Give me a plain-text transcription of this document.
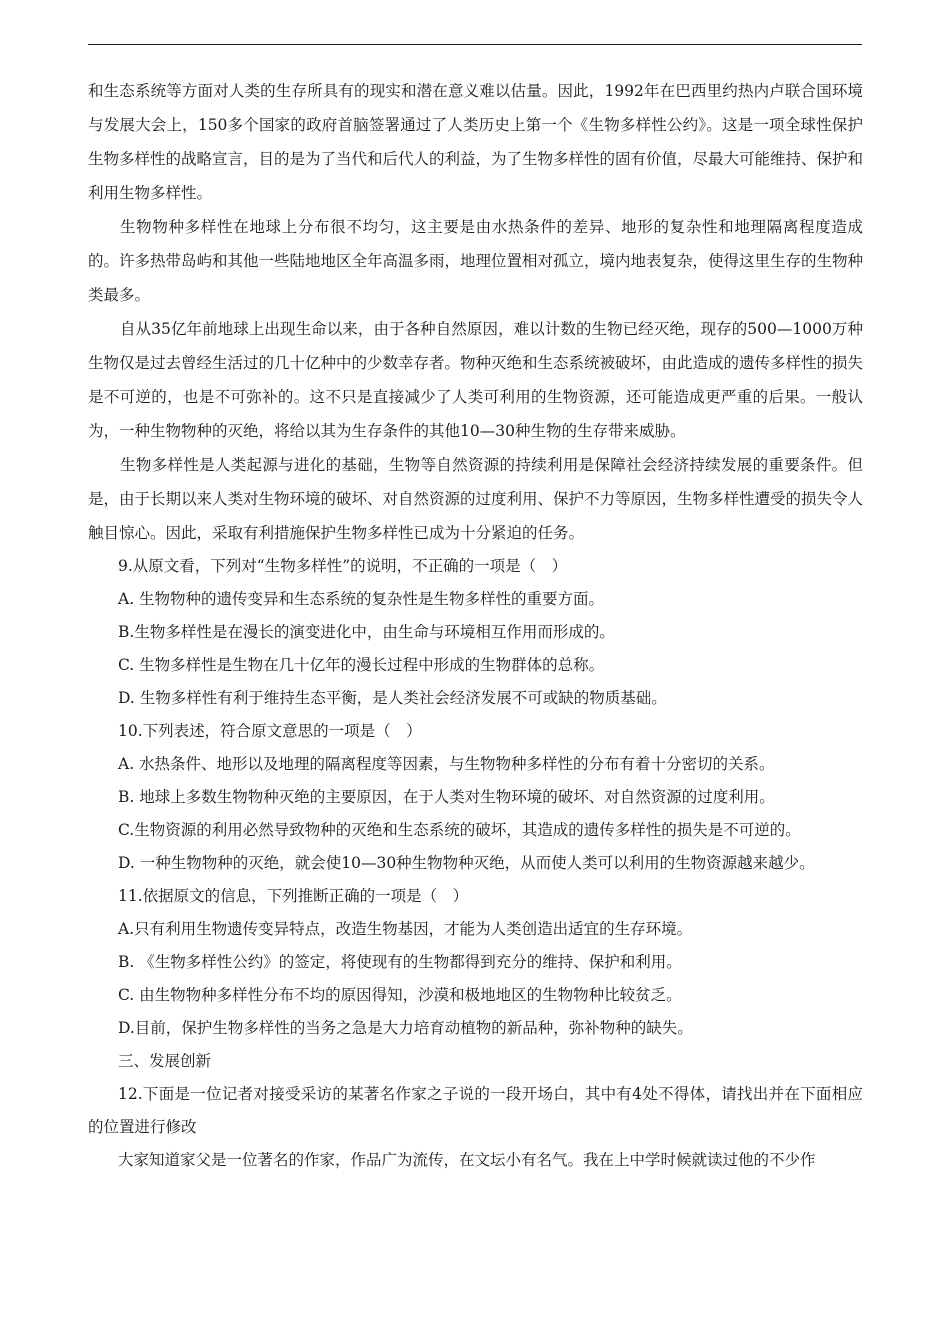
和生态系统等方面对人类的生存所具有的现实和潜在意义难以估量。因此，1992年在巴西里约热内卢联合国环境与发展大会上，150多个国家的政府首脑签署通过了人类历史上第一个《生物多样性公约》。这是一项全球性保护生物多样性的战略宣言，目的是为了当代和后代人的利益，为了生物多样性的固有价值，尽最大可能维持、保护和利用生物多样性。

生物物种多样性在地球上分布很不均匀，这主要是由水热条件的差异、地形的复杂性和地理隔离程度造成的。许多热带岛屿和其他一些陆地地区全年高温多雨，地理位置相对孤立，境内地表复杂，使得这里生存的生物种类最多。

自从35亿年前地球上出现生命以来，由于各种自然原因，难以计数的生物已经灭绝，现存的500—1000万种生物仅是过去曾经生活过的几十亿种中的少数幸存者。物种灭绝和生态系统被破坏，由此造成的遗传多样性的损失是不可逆的，也是不可弥补的。这不只是直接减少了人类可利用的生物资源，还可能造成更严重的后果。一般认为，一种生物物种的灭绝，将给以其为生存条件的其他10—30种生物的生存带来威胁。

生物多样性是人类起源与进化的基础，生物等自然资源的持续利用是保障社会经济持续发展的重要条件。但是，由于长期以来人类对生物环境的破坏、对自然资源的过度利用、保护不力等原因，生物多样性遭受的损失令人触目惊心。因此，采取有利措施保护生物多样性已成为十分紧迫的任务。

9.从原文看，下列对“生物多样性”的说明，不正确的一项是（　）

A. 生物物种的遗传变异和生态系统的复杂性是生物多样性的重要方面。

B.生物多样性是在漫长的演变进化中，由生命与环境相互作用而形成的。

C. 生物多样性是生物在几十亿年的漫长过程中形成的生物群体的总称。

D. 生物多样性有利于维持生态平衡，是人类社会经济发展不可或缺的物质基础。

10.下列表述，符合原文意思的一项是（　）

A. 水热条件、地形以及地理的隔离程度等因素，与生物物种多样性的分布有着十分密切的关系。

B. 地球上多数生物物种灭绝的主要原因，在于人类对生物环境的破坏、对自然资源的过度利用。

C.生物资源的利用必然导致物种的灭绝和生态系统的破坏，其造成的遗传多样性的损失是不可逆的。

D. 一种生物物种的灭绝，就会使10—30种生物物种灭绝，从而使人类可以利用的生物资源越来越少。

11.依据原文的信息，下列推断正确的一项是（　）

A.只有利用生物遗传变异特点，改造生物基因，才能为人类创造出适宜的生存环境。

B. 《生物多样性公约》的签定，将使现有的生物都得到充分的维持、保护和利用。

C. 由生物物种多样性分布不均的原因得知，沙漠和极地地区的生物物种比较贫乏。

D.目前，保护生物多样性的当务之急是大力培育动植物的新品种，弥补物种的缺失。

三、发展创新

12.下面是一位记者对接受采访的某著名作家之子说的一段开场白，其中有4处不得体，请找出并在下面相应的位置进行修改

大家知道家父是一位著名的作家，作品广为流传，在文坛小有名气。我在上中学时候就读过他的不少作
